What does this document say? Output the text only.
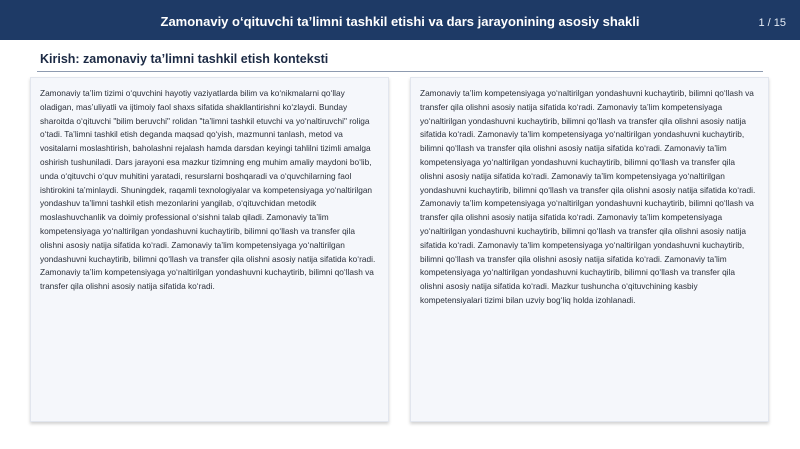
Zamonaviy o‘qituvchi ta’limni tashkil etishi va dars jarayonining asosiy shakli	1 / 15
Kirish: zamonaviy ta’limni tashkil etish konteksti

Zamonaviy ta’lim tizimi o‘quvchini hayotiy vaziyatlarda bilim va ko‘nikmalarni qo‘llay oladigan, mas’uliyatli va ijtimoiy faol shaxs sifatida shakllantirishni ko‘zlaydi. Bunday sharoitda o‘qituvchi "bilim beruvchi" rolidan "ta’limni tashkil etuvchi va yo‘naltiruvchi" roliga o‘tadi. Ta’limni tashkil etish deganda maqsad qo‘yish, mazmunni tanlash, metod va vositalarni moslashtirish, baholashni rejalash hamda darsdan keyingi tahlilni tizimli amalga oshirish tushuniladi. Dars jarayoni esa mazkur tizimning eng muhim amaliy maydoni bo‘lib, unda o‘qituvchi o‘quv muhitini yaratadi, resurslarni boshqaradi va o‘quvchilarning faol ishtirokini ta’minlaydi. Shuningdek, raqamli texnologiyalar va kompetensiyaga yo‘naltirilgan yondashuv ta’limni tashkil etish mezonlarini yangilab, o‘qituvchidan metodik moslashuvchanlik va doimiy professional o‘sishni talab qiladi. Zamonaviy ta’lim kompetensiyaga yo‘naltirilgan yondashuvni kuchaytirib, bilimni qo‘llash va transfer qila olishni asosiy natija sifatida ko‘radi. Zamonaviy ta’lim kompetensiyaga yo‘naltirilgan yondashuvni kuchaytirib, bilimni qo‘llash va transfer qila olishni asosiy natija sifatida ko‘radi. Zamonaviy ta’lim kompetensiyaga yo‘naltirilgan yondashuvni kuchaytirib, bilimni qo‘llash va transfer qila olishni asosiy natija sifatida ko‘radi.

Zamonaviy ta’lim kompetensiyaga yo‘naltirilgan yondashuvni kuchaytirib, bilimni qo‘llash va transfer qila olishni asosiy natija sifatida ko‘radi. Zamonaviy ta’lim kompetensiyaga yo‘naltirilgan yondashuvni kuchaytirib, bilimni qo‘llash va transfer qila olishni asosiy natija sifatida ko‘radi. Zamonaviy ta’lim kompetensiyaga yo‘naltirilgan yondashuvni kuchaytirib, bilimni qo‘llash va transfer qila olishni asosiy natija sifatida ko‘radi. Zamonaviy ta’lim kompetensiyaga yo‘naltirilgan yondashuvni kuchaytirib, bilimni qo‘llash va transfer qila olishni asosiy natija sifatida ko‘radi. Zamonaviy ta’lim kompetensiyaga yo‘naltirilgan yondashuvni kuchaytirib, bilimni qo‘llash va transfer qila olishni asosiy natija sifatida ko‘radi. Zamonaviy ta’lim kompetensiyaga yo‘naltirilgan yondashuvni kuchaytirib, bilimni qo‘llash va transfer qila olishni asosiy natija sifatida ko‘radi. Zamonaviy ta’lim kompetensiyaga yo‘naltirilgan yondashuvni kuchaytirib, bilimni qo‘llash va transfer qila olishni asosiy natija sifatida ko‘radi. Zamonaviy ta’lim kompetensiyaga yo‘naltirilgan yondashuvni kuchaytirib, bilimni qo‘llash va transfer qila olishni asosiy natija sifatida ko‘radi. Zamonaviy ta’lim kompetensiyaga yo‘naltirilgan yondashuvni kuchaytirib, bilimni qo‘llash va transfer qila olishni asosiy natija sifatida ko‘radi. Mazkur tushuncha o‘qituvchining kasbiy kompetensiyalari tizimi bilan uzviy bog‘liq holda izohlanadi.
